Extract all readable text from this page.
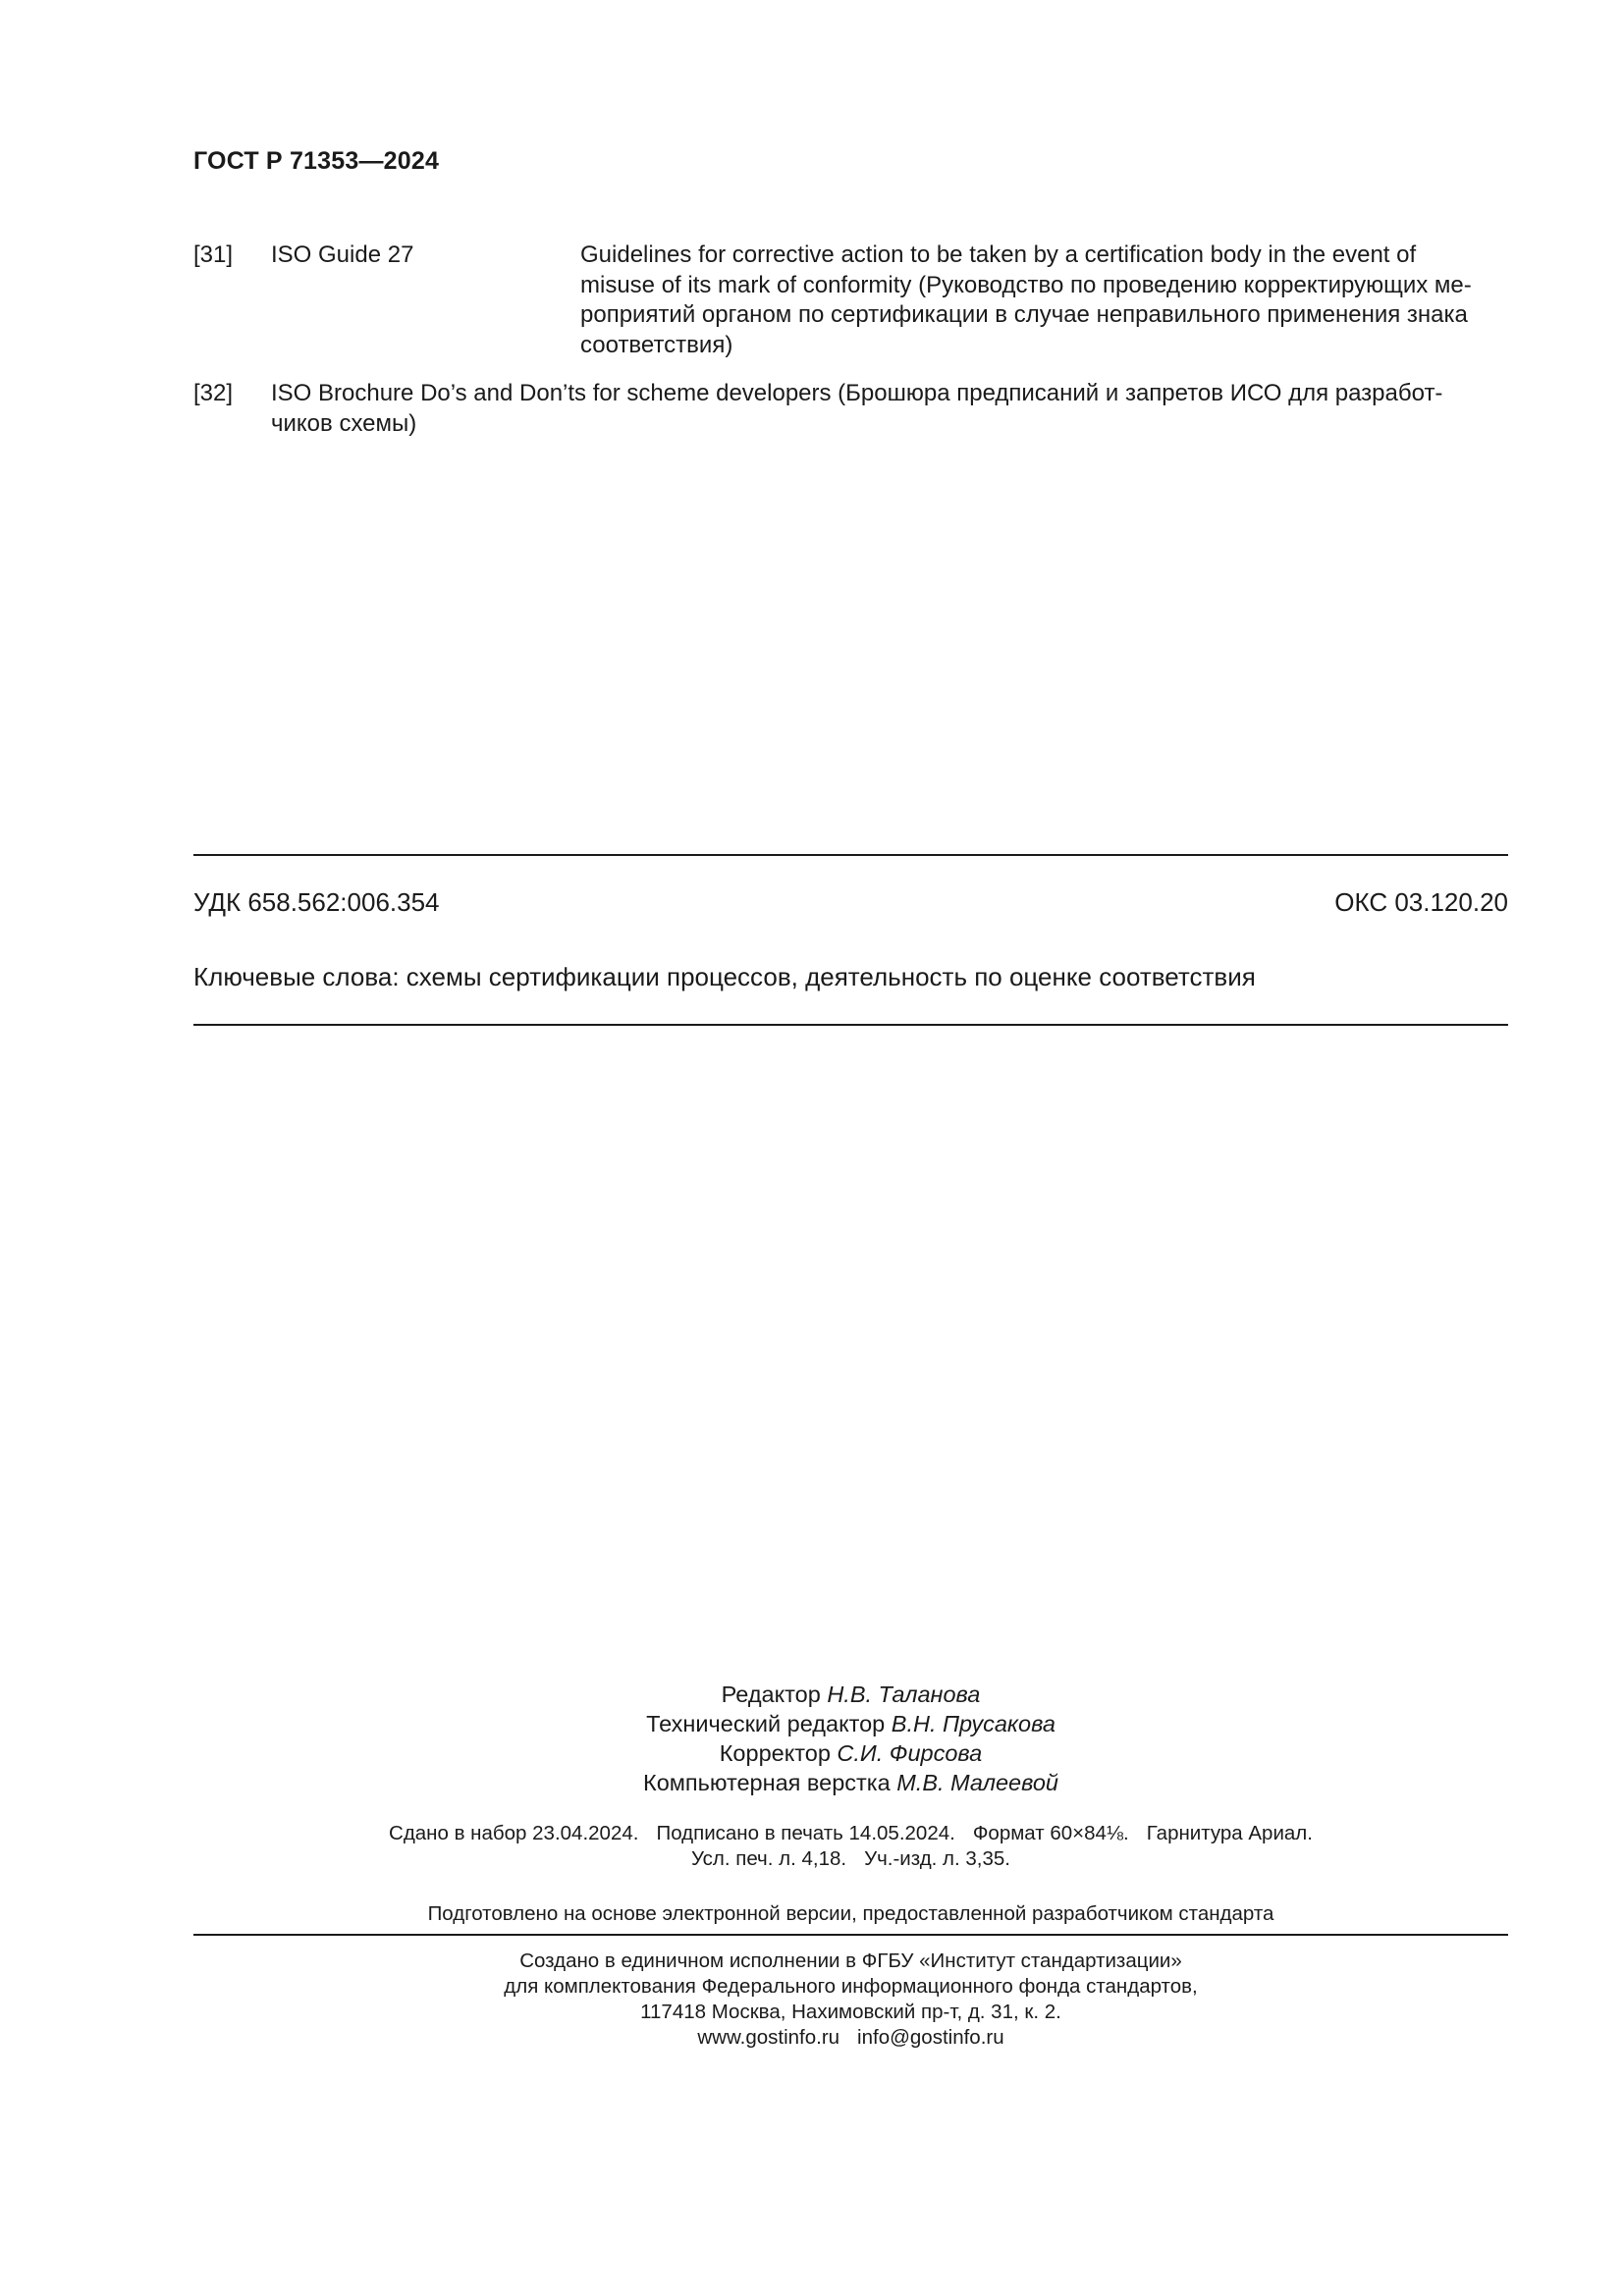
ГОСТ Р 71353—2024
[31] ISO Guide 27	Guidelines for corrective action to be taken by a certification body in the event of
misuse of its mark of conformity (Руководство по проведению корректирующих ме-
роприятий органом по сертификации в случае неправильного применения знака
соответствия)
[32] ISO Brochure Do’s and Don’ts for scheme developers (Брошюра предписаний и запретов ИСО для разработ-
чиков схемы)
УДК 658.562:006.354	ОКС 03.120.20
Ключевые слова: схемы сертификации процессов, деятельность по оценке соответствия
Редактор Н.В. Таланова
Технический редактор В.Н. Прусакова
Корректор С.И. Фирсова
Компьютерная верстка М.В. Малеевой
Сдано в набор 23.04.2024. Подписано в печать 14.05.2024. Формат 60×84⅛. Гарнитура Ариал.
Усл. печ. л. 4,18. Уч.-изд. л. 3,35.
Подготовлено на основе электронной версии, предоставленной разработчиком стандарта
Создано в единичном исполнении в ФГБУ «Институт стандартизации»
для комплектования Федерального информационного фонда стандартов,
117418 Москва, Нахимовский пр-т, д. 31, к. 2.
www.gostinfo.ru info@gostinfo.ru
